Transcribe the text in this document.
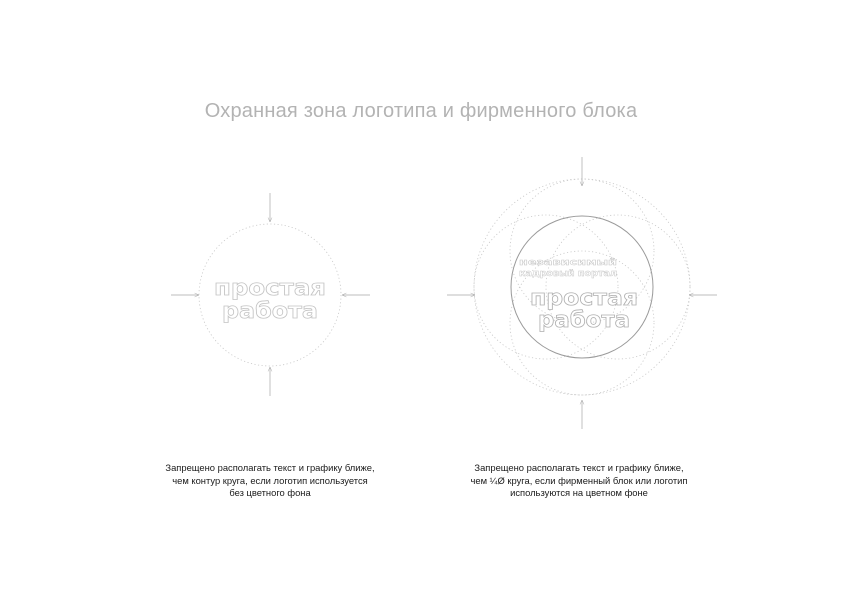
Охранная зона логотипа и фирменного блока
простая
работа
независимый
кадровый портал
простая
работа
Запрещено располагать текст и графику ближе,
чем контур круга, если логотип используется
без цветного фона
Запрещено располагать текст и графику ближе,
чем ¼Ø круга, если фирменный блок или логотип
используются на цветном фоне
